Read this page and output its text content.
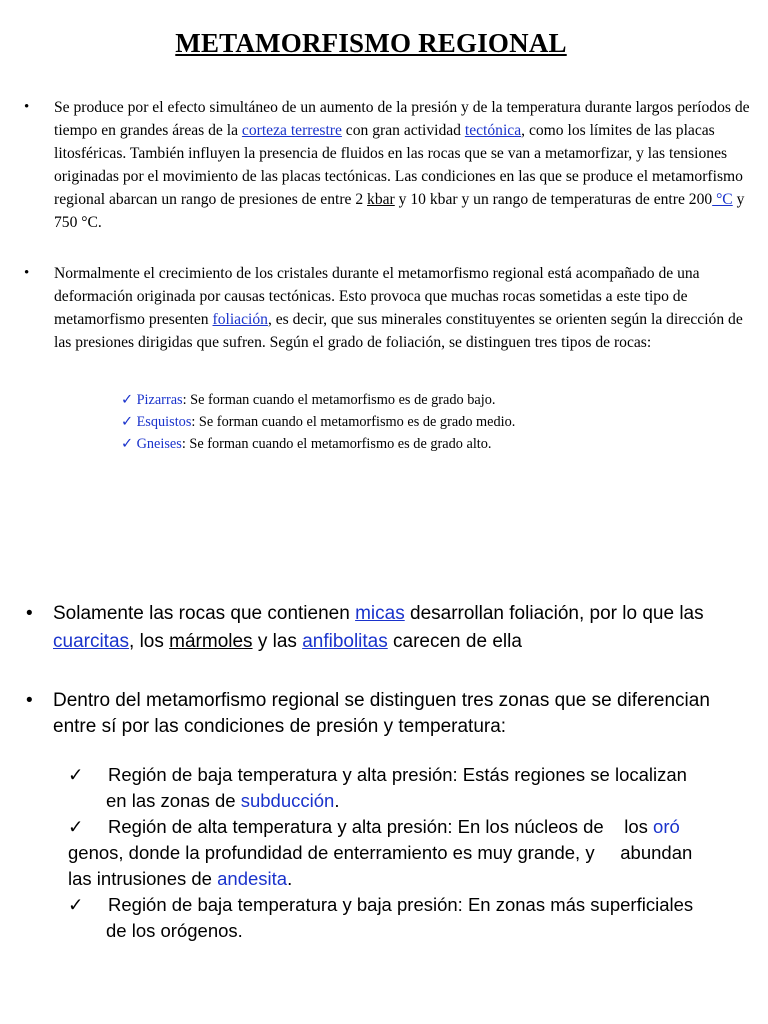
METAMORFISMO REGIONAL
•	Se produce por el efecto simultáneo de un aumento de la presión y de la temperatura durante largos períodos de tiempo en grandes áreas de la corteza terrestre con gran actividad tectónica, como los límites de las placas litosféricas. También influyen la presencia de fluidos en las rocas que se van a metamorfizar, y las tensiones originadas por el movimiento de las placas tectónicas. Las condiciones en las que se produce el metamorfismo regional abarcan un rango de presiones de entre 2 kbar y 10 kbar y un rango de temperaturas de entre 200 °C y 750 °C.
•	Normalmente el crecimiento de los cristales durante el metamorfismo regional está acompañado de una deformación originada por causas tectónicas. Esto provoca que muchas rocas sometidas a este tipo de metamorfismo presenten foliación, es decir, que sus minerales constituyentes se orienten según la dirección de las presiones dirigidas que sufren. Según el grado de foliación, se distinguen tres tipos de rocas:
✓ Pizarras: Se forman cuando el metamorfismo es de grado bajo.
✓ Esquistos: Se forman cuando el metamorfismo es de grado medio.
✓ Gneises: Se forman cuando el metamorfismo es de grado alto.
•	Solamente las rocas que contienen micas desarrollan foliación, por lo que las cuarcitas, los mármoles y las anfibolitas carecen de ella
•	Dentro del metamorfismo regional se distinguen tres zonas que se diferencian entre sí por las condiciones de presión y temperatura:
✓ Región de baja temperatura y alta presión: Estás regiones se localizan
en las zonas de subducción.
✓ Región de alta temperatura y alta presión: En los núcleos de    los oró
genos, donde la profundidad de enterramiento es muy grande, y     abundan
las intrusiones de andesita.
✓ Región de baja temperatura y baja presión: En zonas más superficiales
de los orógenos.
